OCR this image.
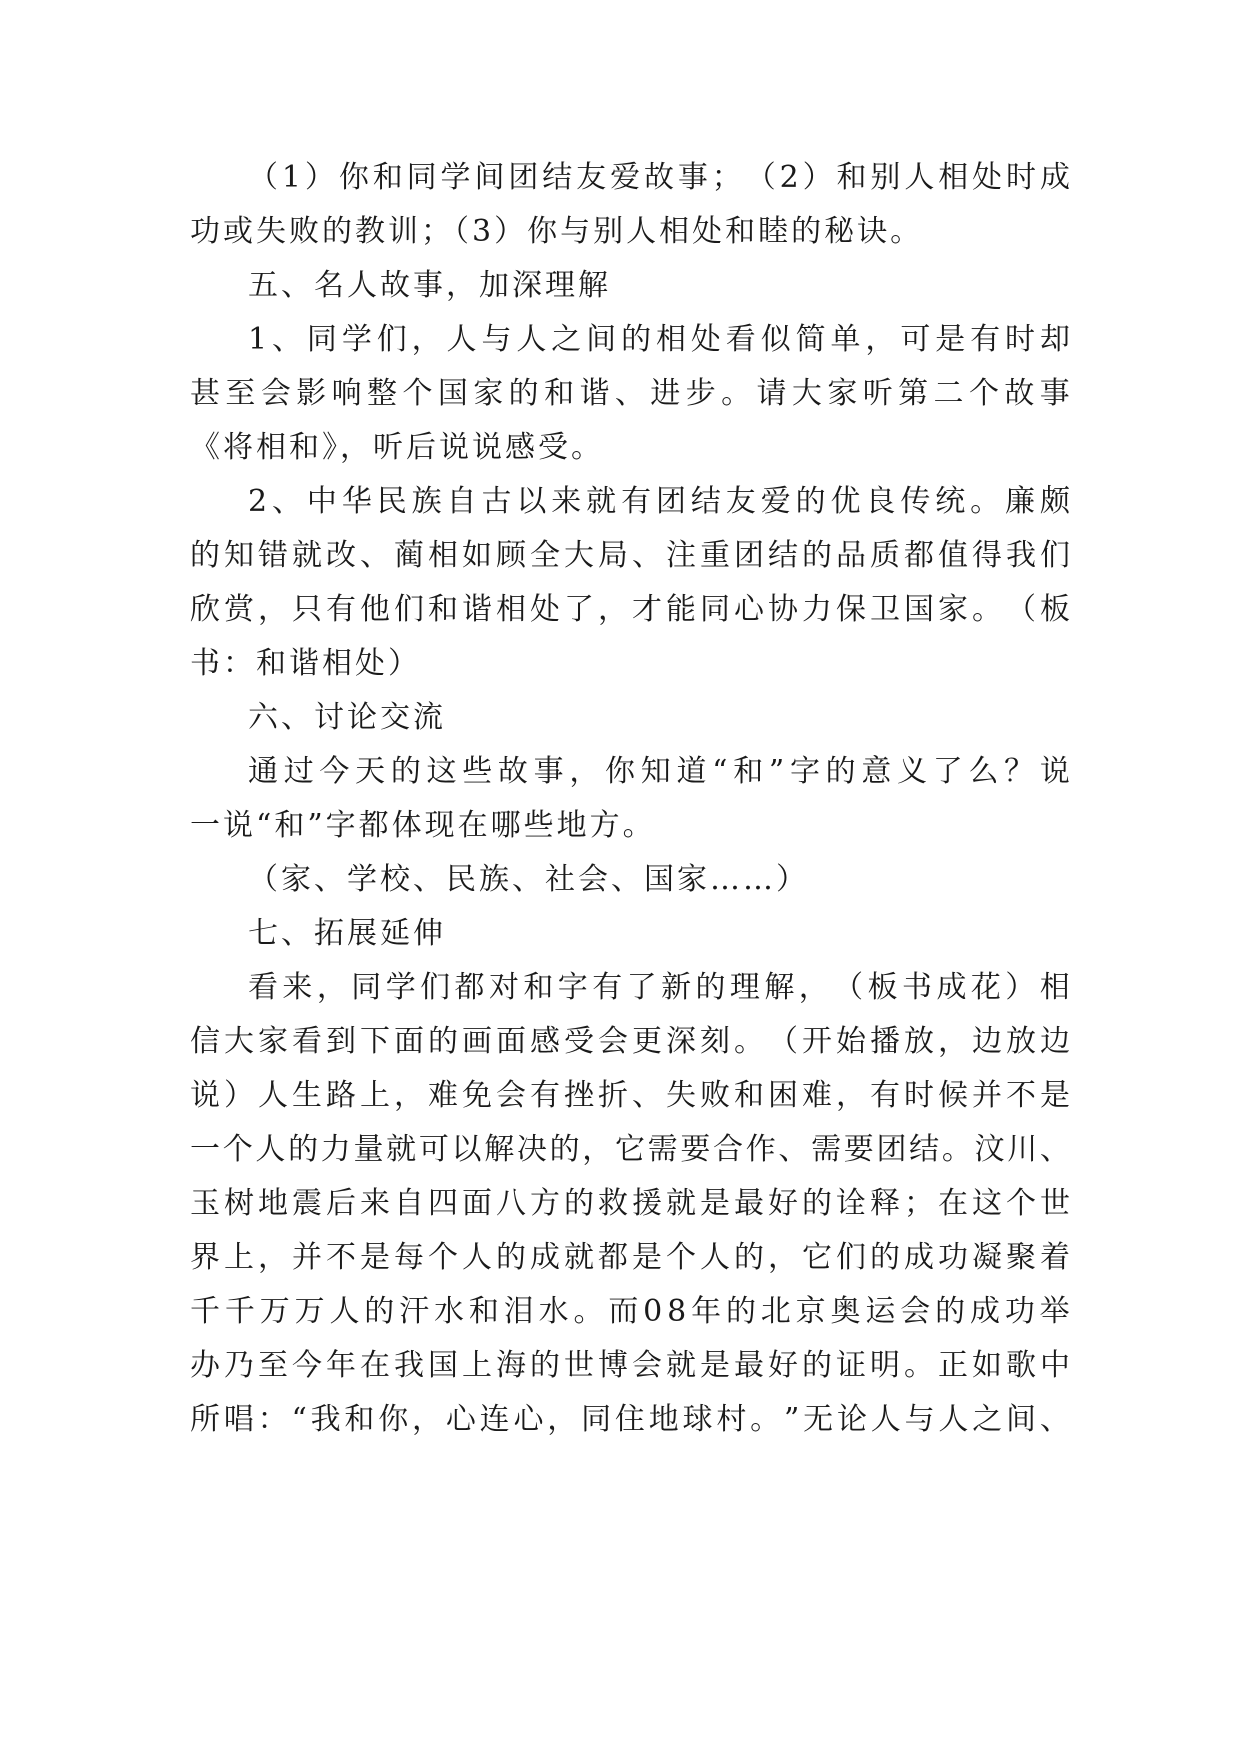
（ 1 ） 你 和 同 学 间 团 结 友 爱 故 事 ； （ 2 ） 和 别 人 相 处 时 成
功或失败的教训；（3）你与别人相处和睦的秘诀。
五、名人故事，加深理解
1 、 同 学 们 ， 人 与 人 之 间 的 相 处 看 似 简 单 ， 可 是 有 时 却
甚 至 会 影 响 整 个 国 家 的 和 谐 、 进 步 。 请 大 家 听 第 二 个 故 事
《将相和》，听后说说感受。
2 、 中 华 民 族 自 古 以 来 就 有 团 结 友 爱 的 优 良 传 统 。 廉 颇
的 知 错 就 改 、 蔺 相 如 顾 全 大 局 、 注 重 团 结 的 品 质 都 值 得 我 们
欣 赏 ， 只 有 他 们 和 谐 相 处 了 ， 才 能 同 心 协 力 保 卫 国 家 。 （ 板
书：和谐相处）
六、讨论交流
通 过 今 天 的 这 些 故 事 ， 你 知 道 “ 和 ” 字 的 意 义 了 么 ？ 说
一说“和”字都体现在哪些地方。
（家、学校、民族、社会、国家……）
七、拓展延伸
看 来 ， 同 学 们 都 对 和 字 有 了 新 的 理 解 ， （ 板 书 成 花 ） 相
信 大 家 看 到 下 面 的 画 面 感 受 会 更 深 刻 。 （ 开 始 播 放 ， 边 放 边
说 ） 人 生 路 上 ， 难 免 会 有 挫 折 、 失 败 和 困 难 ， 有 时 候 并 不 是
一 个 人 的 力 量 就 可 以 解 决 的 ， 它 需 要 合 作 、 需 要 团 结 。 汶 川 、
玉 树 地 震 后 来 自 四 面 八 方 的 救 援 就 是 最 好 的 诠 释 ； 在 这 个 世
界 上 ， 并 不 是 每 个 人 的 成 就 都 是 个 人 的 ， 它 们 的 成 功 凝 聚 着
千 千 万 万 人 的 汗 水 和 泪 水 。 而 0 8 年 的 北 京 奥 运 会 的 成 功 举
办 乃 至 今 年 在 我 国 上 海 的 世 博 会 就 是 最 好 的 证 明 。 正 如 歌 中
所 唱 ： “ 我 和 你 ， 心 连 心 ， 同 住 地 球 村 。 ” 无 论 人 与 人 之 间 、
